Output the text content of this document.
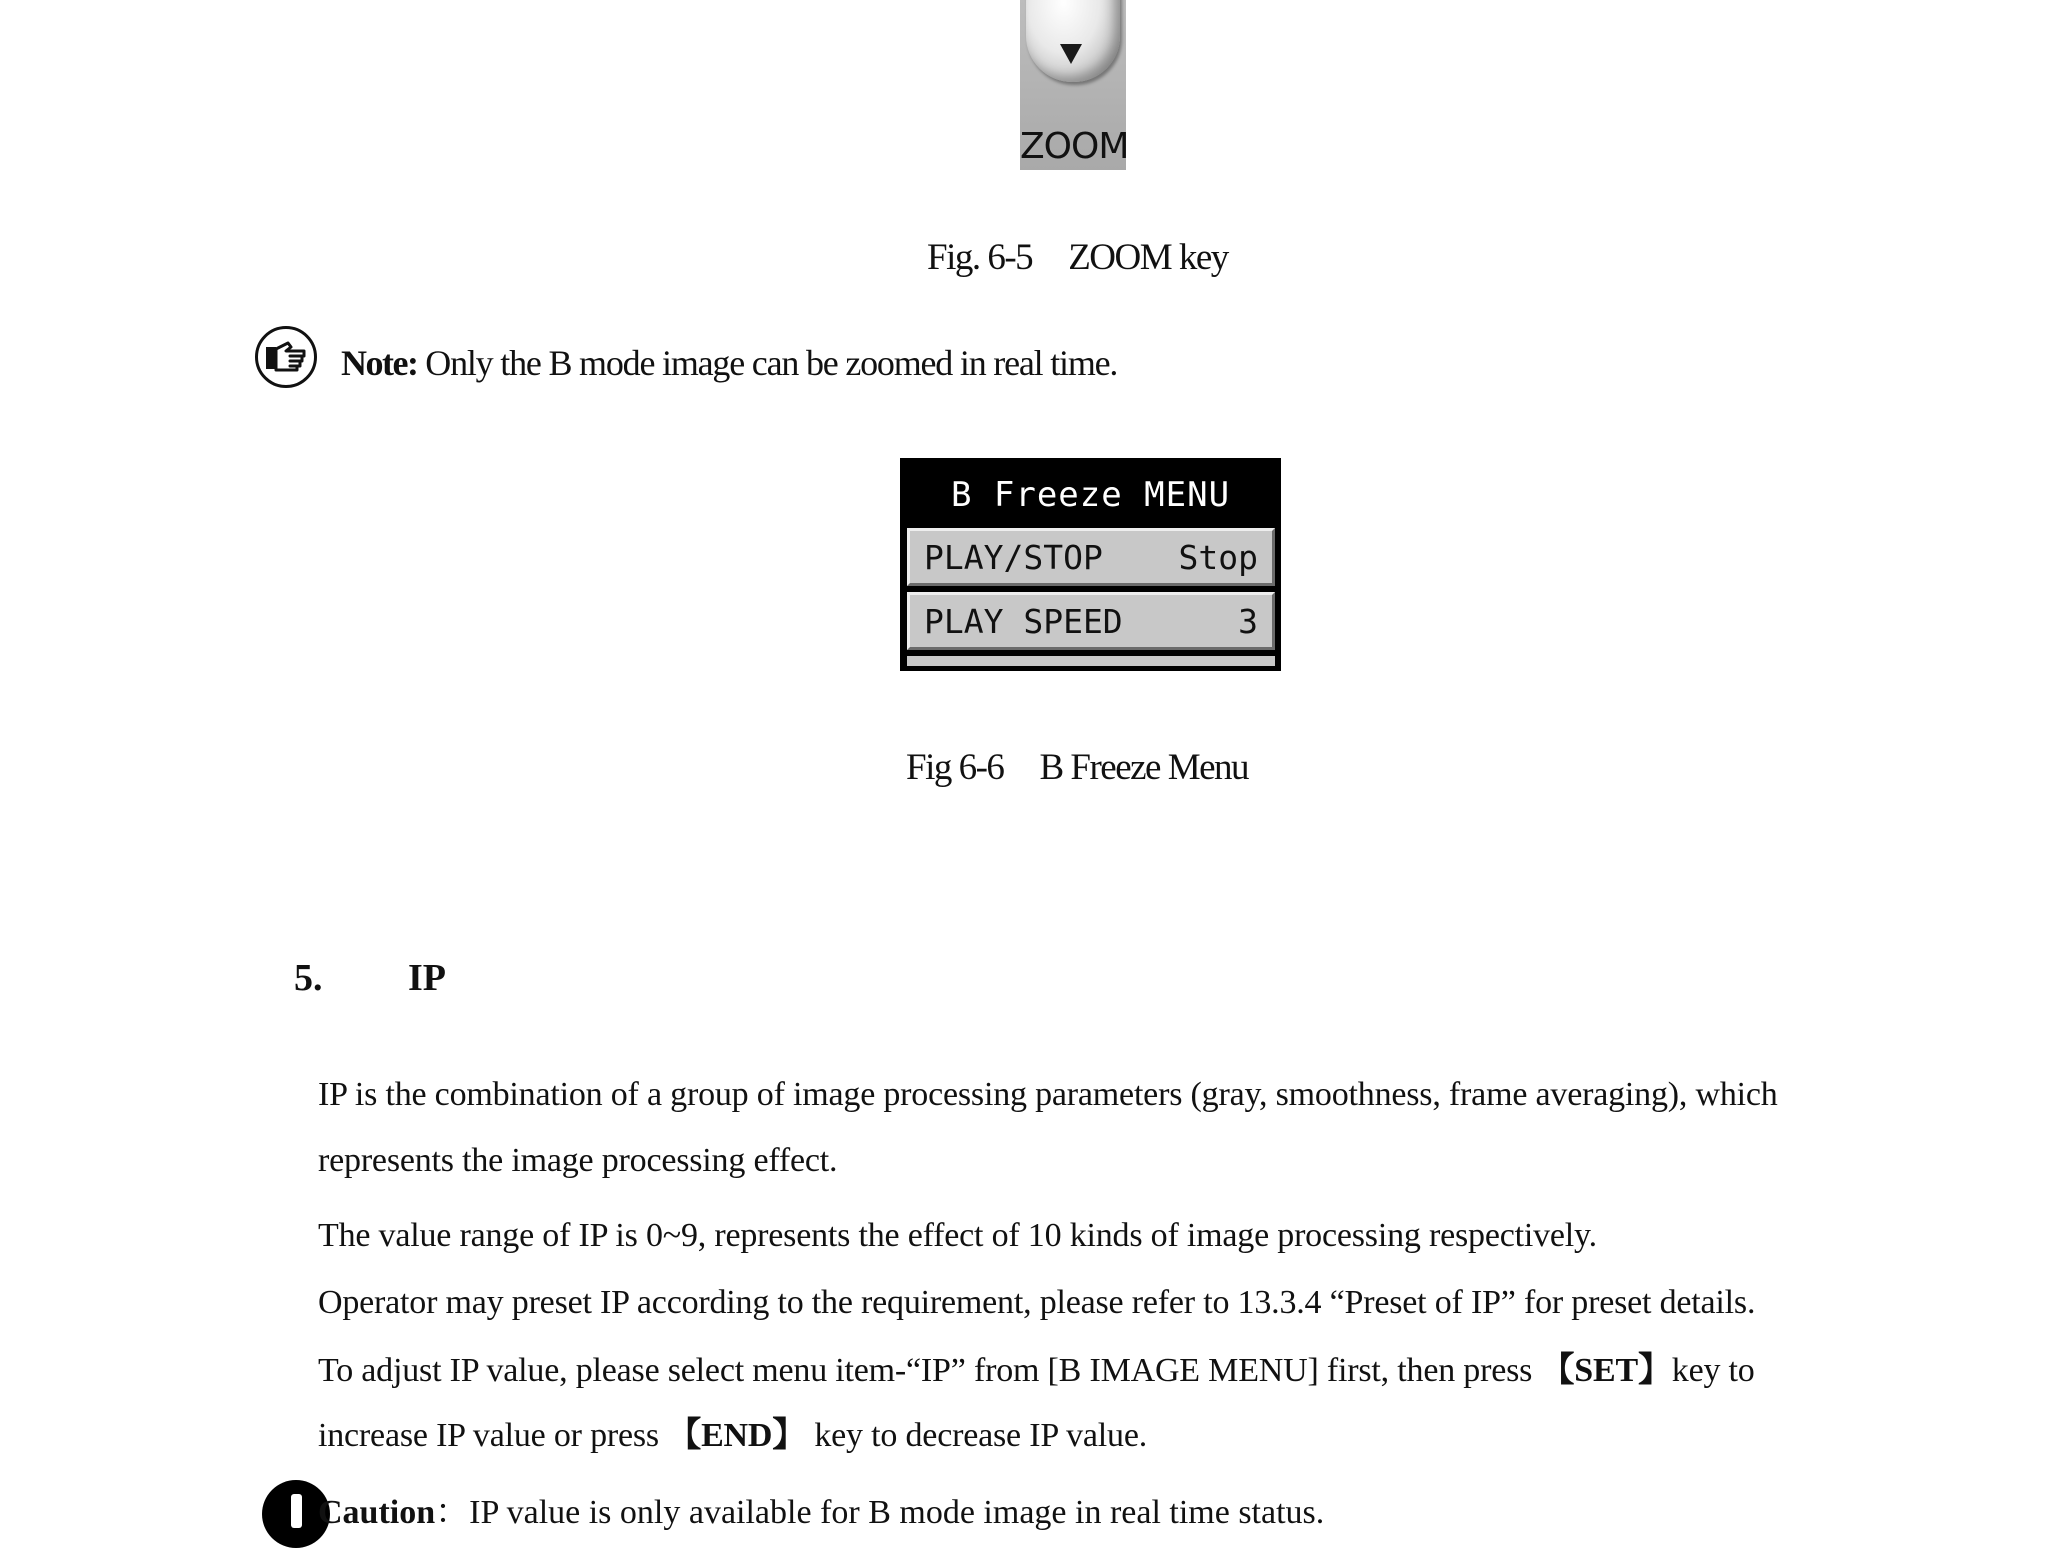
ZOOM
Fig. 6-5 ZOOM key
Note: Only the B mode image can be zoomed in real time.
B Freeze MENU
PLAY/STOP Stop
PLAY SPEED	3
Fig 6-6 B Freeze Menu
5. IP
IP is the combination of a group of image processing parameters (gray, smoothness, frame averaging), which
represents the image processing effect.
The value range of IP is 0~9, represents the effect of 10 kinds of image processing respectively.
Operator may preset IP according to the requirement, please refer to 13.3.4 “Preset of IP” for preset details.
To adjust IP value, please select menu item-“IP” from [B IMAGE MENU] first, then press 【SET】key to
increase IP value or press 【END】 key to decrease IP value.
Caution：IP value is only available for B mode image in real time status.
